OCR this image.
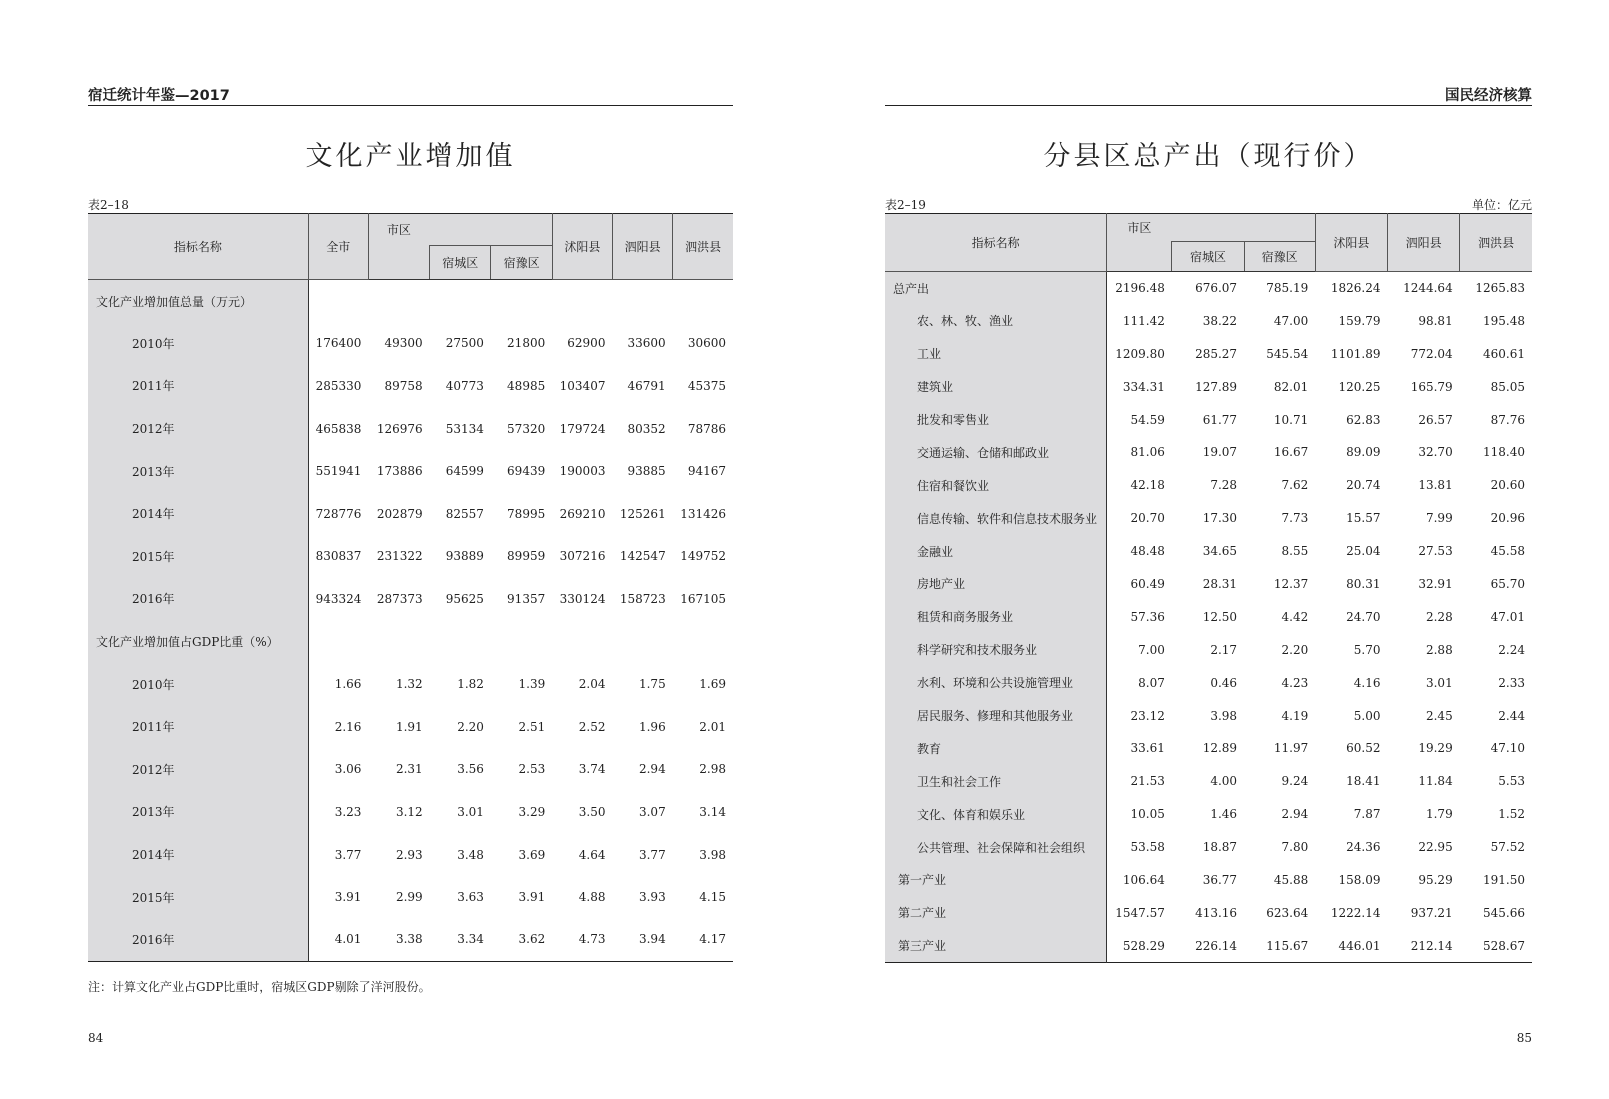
宿迁统计年鉴—2017
文化产业增加值
表2–18
指标名称	全市	市区			沭阳县	泗阳县	泗洪县
			宿城区	宿豫区			
文化产业增加值总量（万元）							
2010年	176400	49300	27500	21800	62900	33600	30600
2011年	285330	89758	40773	48985	103407	46791	45375
2012年	465838	126976	53134	57320	179724	80352	78786
2013年	551941	173886	64599	69439	190003	93885	94167
2014年	728776	202879	82557	78995	269210	125261	131426
2015年	830837	231322	93889	89959	307216	142547	149752
2016年	943324	287373	95625	91357	330124	158723	167105
文化产业增加值占GDP比重（%）							
2010年	1.66	1.32	1.82	1.39	2.04	1.75	1.69
2011年	2.16	1.91	2.20	2.51	2.52	1.96	2.01
2012年	3.06	2.31	3.56	2.53	3.74	2.94	2.98
2013年	3.23	3.12	3.01	3.29	3.50	3.07	3.14
2014年	3.77	2.93	3.48	3.69	4.64	3.77	3.98
2015年	3.91	2.99	3.63	3.91	4.88	3.93	4.15
2016年	4.01	3.38	3.34	3.62	4.73	3.94	4.17
注：计算文化产业占GDP比重时，宿城区GDP剔除了洋河股份。
84
国民经济核算
分县区总产出（现行价）
表2–19	单位：亿元
指标名称	市区			沭阳县	泗阳县	泗洪县
		宿城区	宿豫区			
总产出	2196.48	676.07	785.19	1826.24	1244.64	1265.83
农、林、牧、渔业	111.42	38.22	47.00	159.79	98.81	195.48
工业	1209.80	285.27	545.54	1101.89	772.04	460.61
建筑业	334.31	127.89	82.01	120.25	165.79	85.05
批发和零售业	54.59	61.77	10.71	62.83	26.57	87.76
交通运输、仓储和邮政业	81.06	19.07	16.67	89.09	32.70	118.40
住宿和餐饮业	42.18	7.28	7.62	20.74	13.81	20.60
信息传输、软件和信息技术服务业	20.70	17.30	7.73	15.57	7.99	20.96
金融业	48.48	34.65	8.55	25.04	27.53	45.58
房地产业	60.49	28.31	12.37	80.31	32.91	65.70
租赁和商务服务业	57.36	12.50	4.42	24.70	2.28	47.01
科学研究和技术服务业	7.00	2.17	2.20	5.70	2.88	2.24
水利、环境和公共设施管理业	8.07	0.46	4.23	4.16	3.01	2.33
居民服务、修理和其他服务业	23.12	3.98	4.19	5.00	2.45	2.44
教育	33.61	12.89	11.97	60.52	19.29	47.10
卫生和社会工作	21.53	4.00	9.24	18.41	11.84	5.53
文化、体育和娱乐业	10.05	1.46	2.94	7.87	1.79	1.52
公共管理、社会保障和社会组织	53.58	18.87	7.80	24.36	22.95	57.52
第一产业	106.64	36.77	45.88	158.09	95.29	191.50
第二产业	1547.57	413.16	623.64	1222.14	937.21	545.66
第三产业	528.29	226.14	115.67	446.01	212.14	528.67
85
